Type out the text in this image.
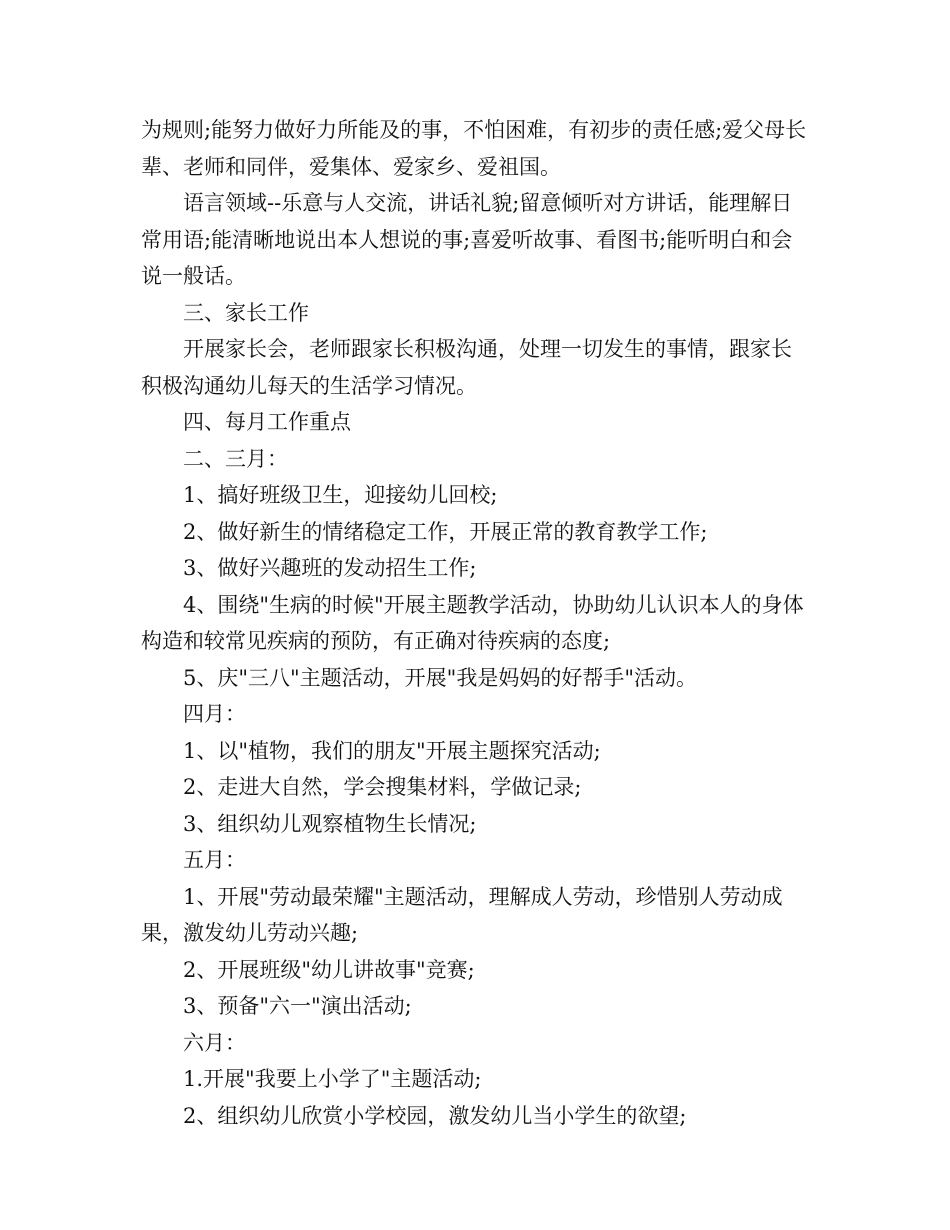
为规则;能努力做好力所能及的事，不怕困难，有初步的责任感;爱父母长辈、老师和同伴，爱集体、爱家乡、爱祖国。

语言领域--乐意与人交流，讲话礼貌;留意倾听对方讲话，能理解日常用语;能清晰地说出本人想说的事;喜爱听故事、看图书;能听明白和会说一般话。

三、家长工作

开展家长会，老师跟家长积极沟通，处理一切发生的事情，跟家长积极沟通幼儿每天的生活学习情况。

四、每月工作重点

二、三月：

1、搞好班级卫生，迎接幼儿回校;

2、做好新生的情绪稳定工作，开展正常的教育教学工作;

3、做好兴趣班的发动招生工作;

4、围绕"生病的时候"开展主题教学活动，协助幼儿认识本人的身体构造和较常见疾病的预防，有正确对待疾病的态度;

5、庆"三八"主题活动，开展"我是妈妈的好帮手"活动。

四月：

1、以"植物，我们的朋友"开展主题探究活动;

2、走进大自然，学会搜集材料，学做记录;

3、组织幼儿观察植物生长情况;

五月：

1、开展"劳动最荣耀"主题活动，理解成人劳动，珍惜别人劳动成果，激发幼儿劳动兴趣;

2、开展班级"幼儿讲故事"竞赛;

3、预备"六一"演出活动;

六月：

1.开展"我要上小学了"主题活动;

2、组织幼儿欣赏小学校园，激发幼儿当小学生的欲望;
